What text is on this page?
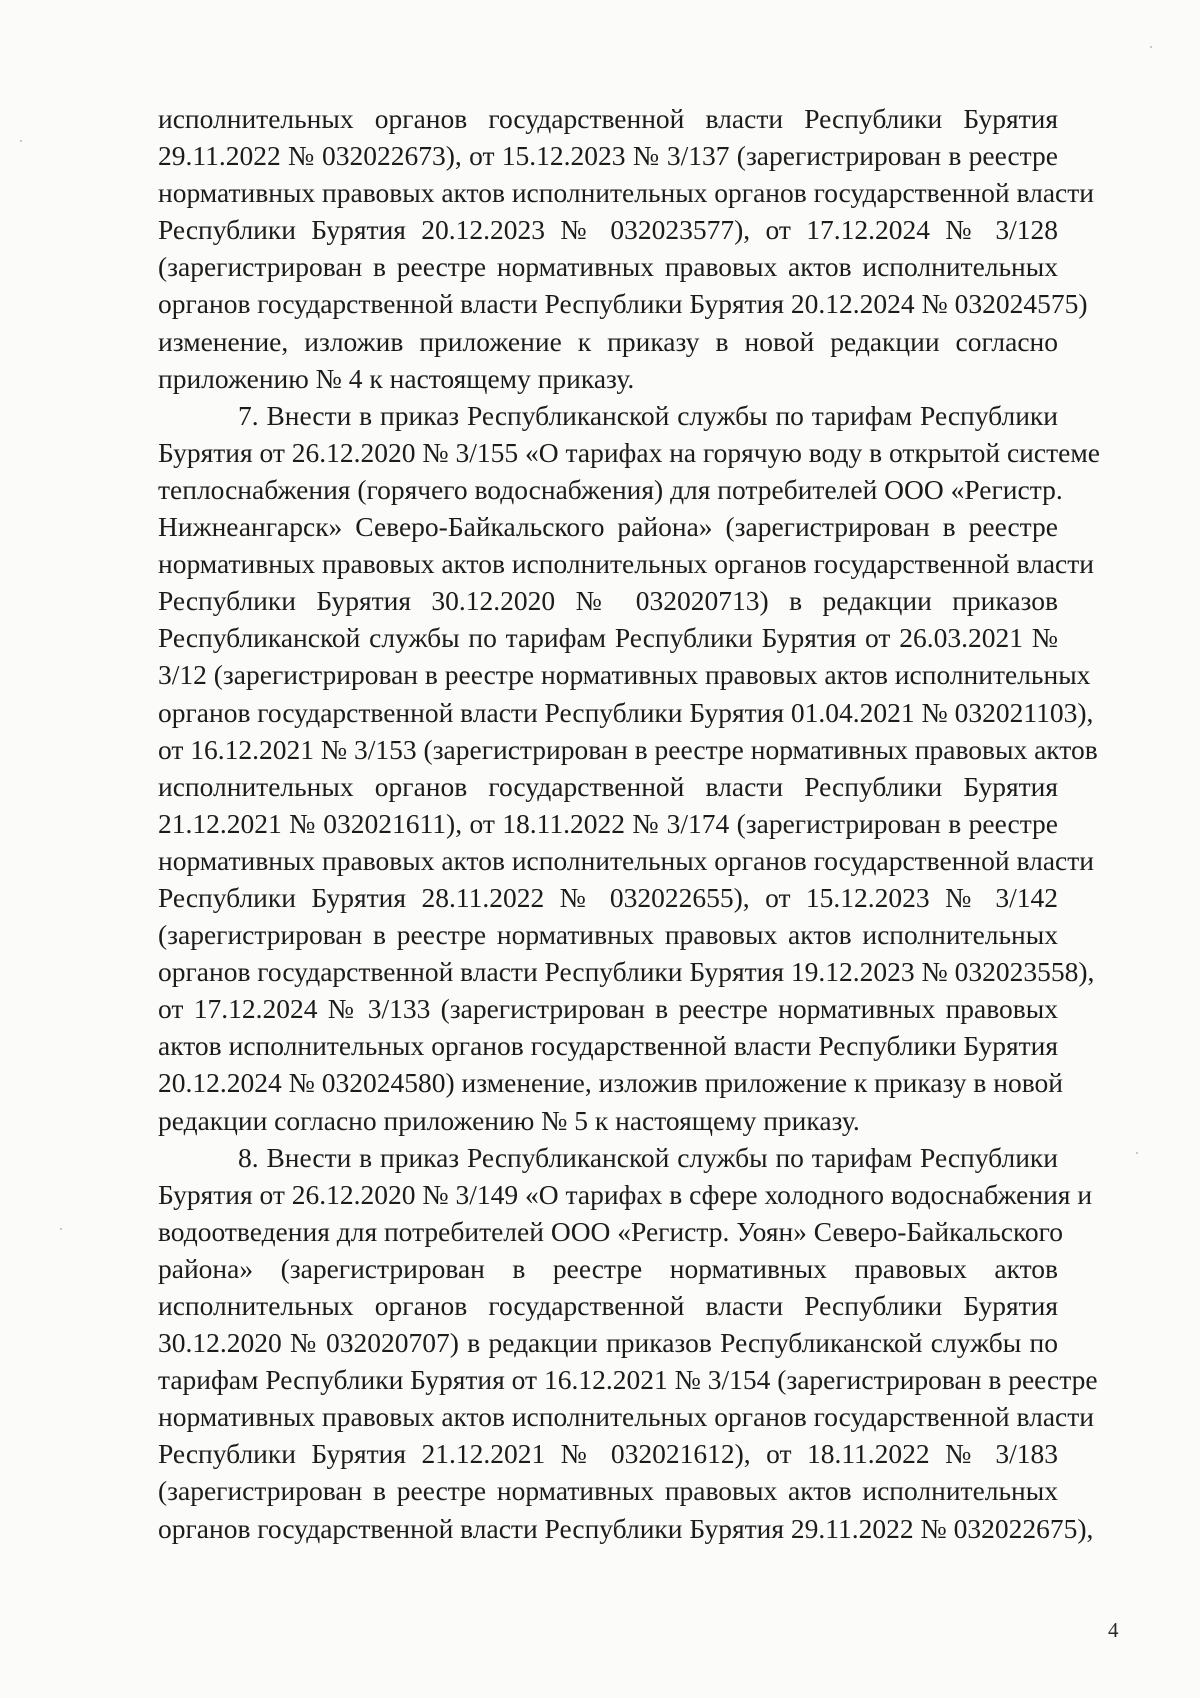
исполнительных органов государственной власти Республики Бурятия
29.11.2022 № 032022673), от 15.12.2023 № 3/137 (зарегистрирован в реестре
нормативных правовых актов исполнительных органов государственной власти
Республики Бурятия 20.12.2023 № 032023577), от 17.12.2024 № 3/128
(зарегистрирован в реестре нормативных правовых актов исполнительных
органов государственной власти Республики Бурятия 20.12.2024 № 032024575)
изменение, изложив приложение к приказу в новой редакции согласно
приложению № 4 к настоящему приказу.
7. Внести в приказ Республиканской службы по тарифам Республики
Бурятия от 26.12.2020 № 3/155 «О тарифах на горячую воду в открытой системе
теплоснабжения (горячего водоснабжения) для потребителей ООО «Регистр.
Нижнеангарск» Северо-Байкальского района» (зарегистрирован в реестре
нормативных правовых актов исполнительных органов государственной власти
Республики Бурятия 30.12.2020 № 032020713) в редакции приказов
Республиканской службы по тарифам Республики Бурятия от 26.03.2021 №
3/12 (зарегистрирован в реестре нормативных правовых актов исполнительных
органов государственной власти Республики Бурятия 01.04.2021 № 032021103),
от 16.12.2021 № 3/153 (зарегистрирован в реестре нормативных правовых актов
исполнительных органов государственной власти Республики Бурятия
21.12.2021 № 032021611), от 18.11.2022 № 3/174 (зарегистрирован в реестре
нормативных правовых актов исполнительных органов государственной власти
Республики Бурятия 28.11.2022 № 032022655), от 15.12.2023 № 3/142
(зарегистрирован в реестре нормативных правовых актов исполнительных
органов государственной власти Республики Бурятия 19.12.2023 № 032023558),
от 17.12.2024 № 3/133 (зарегистрирован в реестре нормативных правовых
актов исполнительных органов государственной власти Республики Бурятия
20.12.2024 № 032024580) изменение, изложив приложение к приказу в новой
редакции согласно приложению № 5 к настоящему приказу.
8. Внести в приказ Республиканской службы по тарифам Республики
Бурятия от 26.12.2020 № 3/149 «О тарифах в сфере холодного водоснабжения и
водоотведения для потребителей ООО «Регистр. Уоян» Северо-Байкальского
района» (зарегистрирован в реестре нормативных правовых актов
исполнительных органов государственной власти Республики Бурятия
30.12.2020 № 032020707) в редакции приказов Республиканской службы по
тарифам Республики Бурятия от 16.12.2021 № 3/154 (зарегистрирован в реестре
нормативных правовых актов исполнительных органов государственной власти
Республики Бурятия 21.12.2021 № 032021612), от 18.11.2022 № 3/183
(зарегистрирован в реестре нормативных правовых актов исполнительных
органов государственной власти Республики Бурятия 29.11.2022 № 032022675),
4
